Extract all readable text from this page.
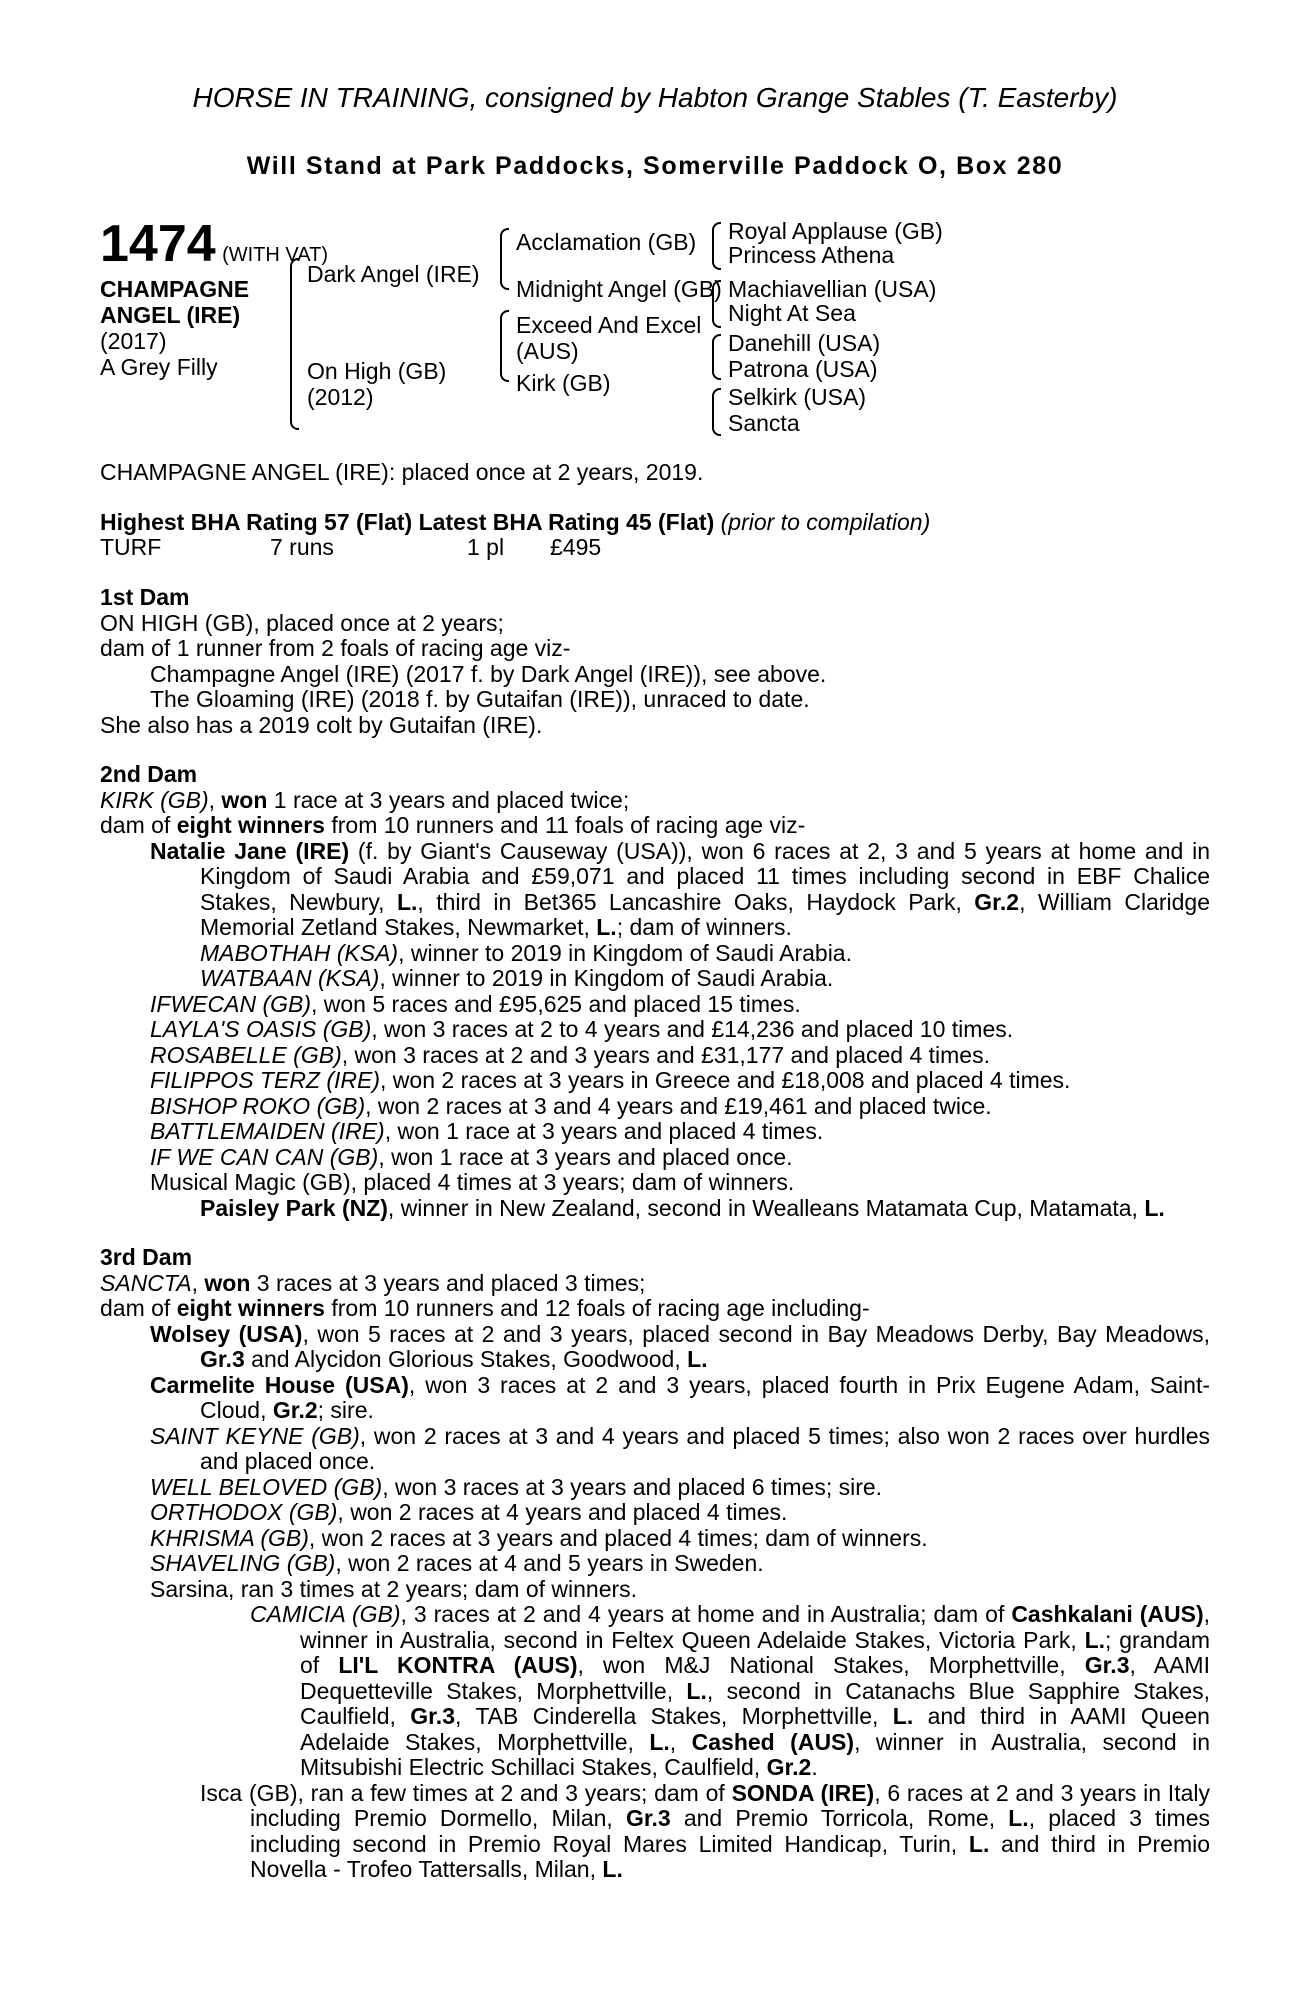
HORSE IN TRAINING, consigned by Habton Grange Stables (T. Easterby)

Will Stand at Park Paddocks, Somerville Paddock O, Box 280
1474 (WITH VAT)
CHAMPAGNE
ANGEL (IRE)
(2017)
A Grey Filly
Dark Angel (IRE)
On High (GB)
(2012)
Acclamation (GB)
Midnight Angel (GB)
Exceed And Excel
(AUS)
Kirk (GB)
Royal Applause (GB)
Princess Athena
Machiavellian (USA)
Night At Sea
Danehill (USA)
Patrona (USA)
Selkirk (USA)
Sancta
CHAMPAGNE ANGEL (IRE): placed once at 2 years, 2019.
Highest BHA Rating 57 (Flat) Latest BHA Rating 45 (Flat) (prior to compilation)
TURF	7 runs	1 pl £495
1st Dam
ON HIGH (GB), placed once at 2 years;
dam of 1 runner from 2 foals of racing age viz-
Champagne Angel (IRE) (2017 f. by Dark Angel (IRE)), see above.
The Gloaming (IRE) (2018 f. by Gutaifan (IRE)), unraced to date.
She also has a 2019 colt by Gutaifan (IRE).
2nd Dam
KIRK (GB), won 1 race at 3 years and placed twice;
dam of eight winners from 10 runners and 11 foals of racing age viz-
Natalie Jane (IRE) (f. by Giant's Causeway (USA)), won 6 races at 2, 3 and 5 years at home and in Kingdom of Saudi Arabia and £59,071 and placed 11 times including second in EBF Chalice Stakes, Newbury, L., third in Bet365 Lancashire Oaks, Haydock Park, Gr.2, William Claridge Memorial Zetland Stakes, Newmarket, L.; dam of winners.
MABOTHAH (KSA), winner to 2019 in Kingdom of Saudi Arabia.
WATBAAN (KSA), winner to 2019 in Kingdom of Saudi Arabia.
IFWECAN (GB), won 5 races and £95,625 and placed 15 times.
LAYLA'S OASIS (GB), won 3 races at 2 to 4 years and £14,236 and placed 10 times.
ROSABELLE (GB), won 3 races at 2 and 3 years and £31,177 and placed 4 times.
FILIPPOS TERZ (IRE), won 2 races at 3 years in Greece and £18,008 and placed 4 times.
BISHOP ROKO (GB), won 2 races at 3 and 4 years and £19,461 and placed twice.
BATTLEMAIDEN (IRE), won 1 race at 3 years and placed 4 times.
IF WE CAN CAN (GB), won 1 race at 3 years and placed once.
Musical Magic (GB), placed 4 times at 3 years; dam of winners.
Paisley Park (NZ), winner in New Zealand, second in Wealleans Matamata Cup, Matamata, L.
3rd Dam
SANCTA, won 3 races at 3 years and placed 3 times;
dam of eight winners from 10 runners and 12 foals of racing age including-
Wolsey (USA), won 5 races at 2 and 3 years, placed second in Bay Meadows Derby, Bay Meadows, Gr.3 and Alycidon Glorious Stakes, Goodwood, L.
Carmelite House (USA), won 3 races at 2 and 3 years, placed fourth in Prix Eugene Adam, Saint-Cloud, Gr.2; sire.
SAINT KEYNE (GB), won 2 races at 3 and 4 years and placed 5 times; also won 2 races over hurdles and placed once.
WELL BELOVED (GB), won 3 races at 3 years and placed 6 times; sire.
ORTHODOX (GB), won 2 races at 4 years and placed 4 times.
KHRISMA (GB), won 2 races at 3 years and placed 4 times; dam of winners.
SHAVELING (GB), won 2 races at 4 and 5 years in Sweden.
Sarsina, ran 3 times at 2 years; dam of winners.
CAMICIA (GB), 3 races at 2 and 4 years at home and in Australia; dam of Cashkalani (AUS), winner in Australia, second in Feltex Queen Adelaide Stakes, Victoria Park, L.; grandam of LI'L KONTRA (AUS), won M&J National Stakes, Morphettville, Gr.3, AAMI Dequetteville Stakes, Morphettville, L., second in Catanachs Blue Sapphire Stakes, Caulfield, Gr.3, TAB Cinderella Stakes, Morphettville, L. and third in AAMI Queen Adelaide Stakes, Morphettville, L., Cashed (AUS), winner in Australia, second in Mitsubishi Electric Schillaci Stakes, Caulfield, Gr.2.
Isca (GB), ran a few times at 2 and 3 years; dam of SONDA (IRE), 6 races at 2 and 3 years in Italy including Premio Dormello, Milan, Gr.3 and Premio Torricola, Rome, L., placed 3 times including second in Premio Royal Mares Limited Handicap, Turin, L. and third in Premio Novella - Trofeo Tattersalls, Milan, L.
